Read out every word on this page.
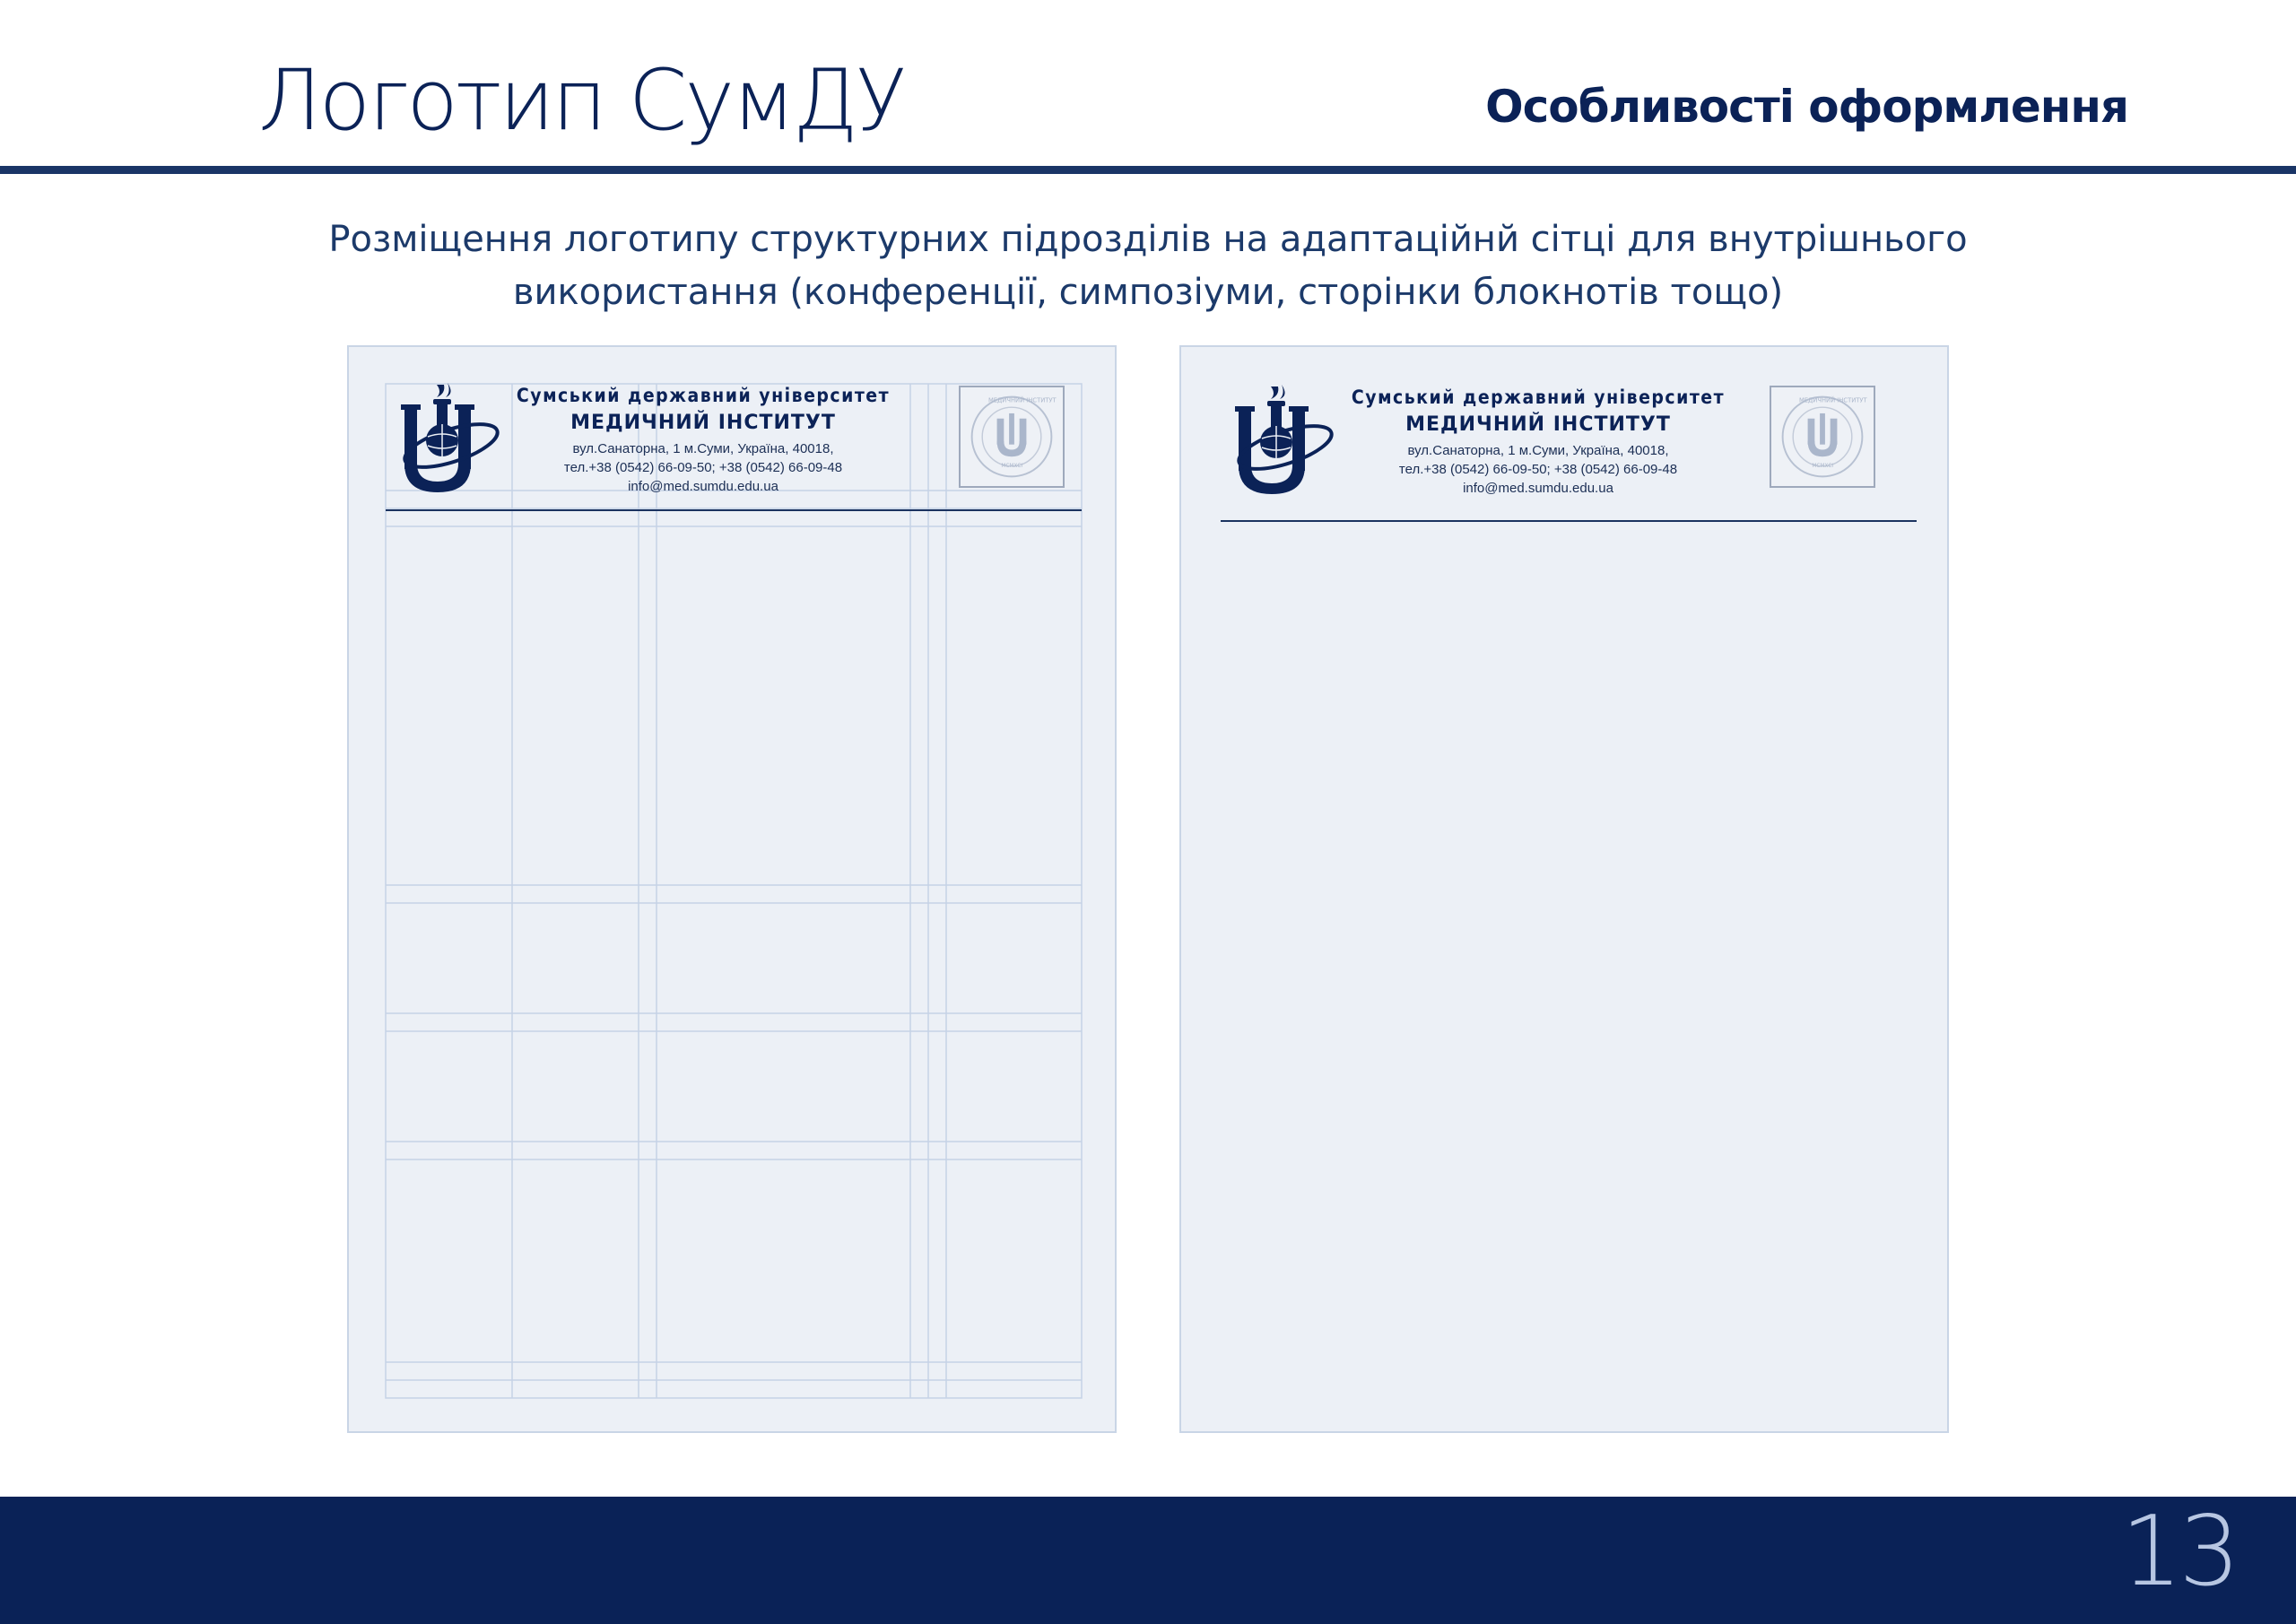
Логотип СумДУ	Особливості оформлення
Розміщення логотипу структурних підрозділів на адаптаційнй сітці для внутрішнього
використання (конференції, симпозіуми, сторінки блокнотів тощо)
Сумський державний університет
МЕДИЧНИЙ ІНСТИТУТ
вул.Санаторна, 1 м.Суми, Україна, 40018,
тел.+38 (0542) 66-09-50; +38 (0542) 66-09-48
info@med.sumdu.edu.ua
МЕДИЧНИЙ ІНСТИТУТ
МСМХСІ
Сумський державний університет
МЕДИЧНИЙ ІНСТИТУТ
вул.Санаторна, 1 м.Суми, Україна, 40018,
тел.+38 (0542) 66-09-50; +38 (0542) 66-09-48
info@med.sumdu.edu.ua
МЕДИЧНИЙ ІНСТИТУТ
МСМХСІ
13
